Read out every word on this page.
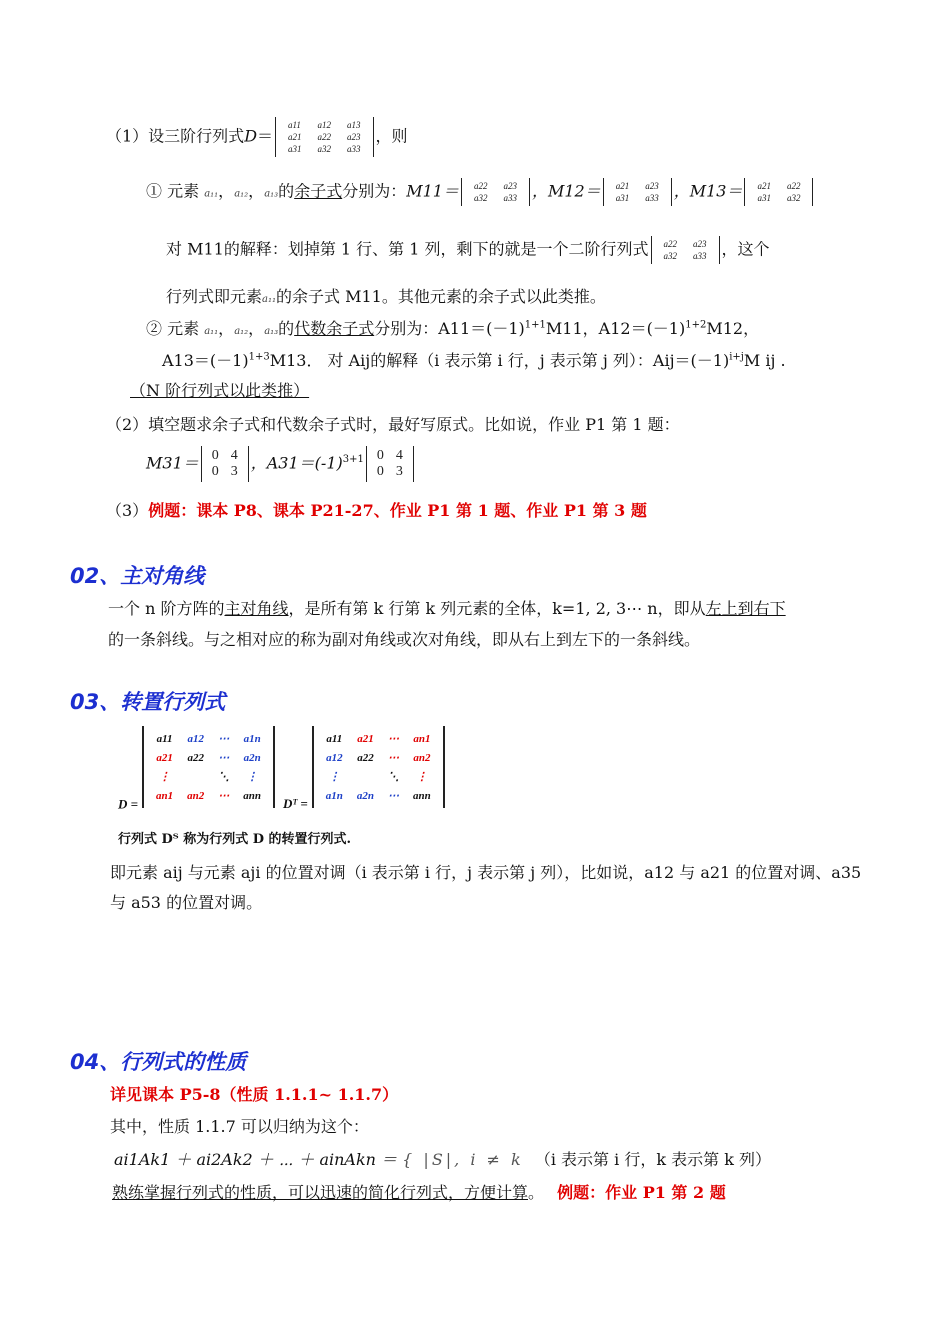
（1）设三阶行列式D＝
a11	a12	a13
a21	a22	a23
a31	a32	a33
，则
① 元素 a₁₁，a₁₂，a₁₃的余子式分别为：M11＝ a22	a23
a32	a33 ，M12＝ a21	a23
a31	a33 ，M13＝ a21	a22
a31	a32
对 M11的解释：划掉第 1 行、第 1 列，剩下的就是一个二阶行列式 a22	a23
a32	a33 ，这个
行列式即元素a₁₁的余子式 M11。其他元素的余子式以此类推。
② 元素 a₁₁，a₁₂，a₁₃的代数余子式分别为：$A11=(-1)^{1+1}M11$，$A12=(-1)^{1+2}M12$，
$A13=(-1)^{1+3}M13$． 对 Aij的解释（i 表示第 i 行，j 表示第 j 列）：$Aij=(-1)^{i+j}M$ ij .
（N 阶行列式以此类推）
（2）填空题求余子式和代数余子式时，最好写原式。比如说，作业 P1 第 1 题：
M31＝ 0	4
0	3 ，$A31=(-1)^{3+1}$ 0	4
0	3
（3）例题：课本 P8、课本 P21-27、作业 P1 第 1 题、作业 P1 第 3 题
02、主对角线
一个 n 阶方阵的主对角线，是所有第 k 行第 k 列元素的全体，k=1, 2, 3⋯ n，即从左上到右下
的一条斜线。与之相对应的称为副对角线或次对角线，即从右上到左下的一条斜线。
03、转置行列式
D =
a11	a12	⋯	a1n
a21	a22	⋯	a2n
⋮		⋱	⋮
an1	an2	⋯	ann
Dᵀ =
a11	a21	⋯	an1
a12	a22	⋯	an2
⋮		⋱	⋮
a1n	a2n	⋯	ann
行列式 Dᵀ 称为行列式 D 的转置行列式.
即元素 aij 与元素 aji 的位置对调（i 表示第 i 行，j 表示第 j 列），比如说，a12 与 a21 的位置对调、a35
与 a53 的位置对调。
04、行列式的性质
详见课本 P5-8（性质 1.1.1~ 1.1.7）
其中，性质 1.1.7 可以归纳为这个：
ai1Ak1 ＋ ai2Ak2 ＋ ⋯ ＋ ainAkn ＝ { |S|, i ≠ k （i 表示第 i 行，k 表示第 k 列）
熟练掌握行列式的性质，可以迅速的简化行列式，方便计算。 例题：作业 P1 第 2 题
